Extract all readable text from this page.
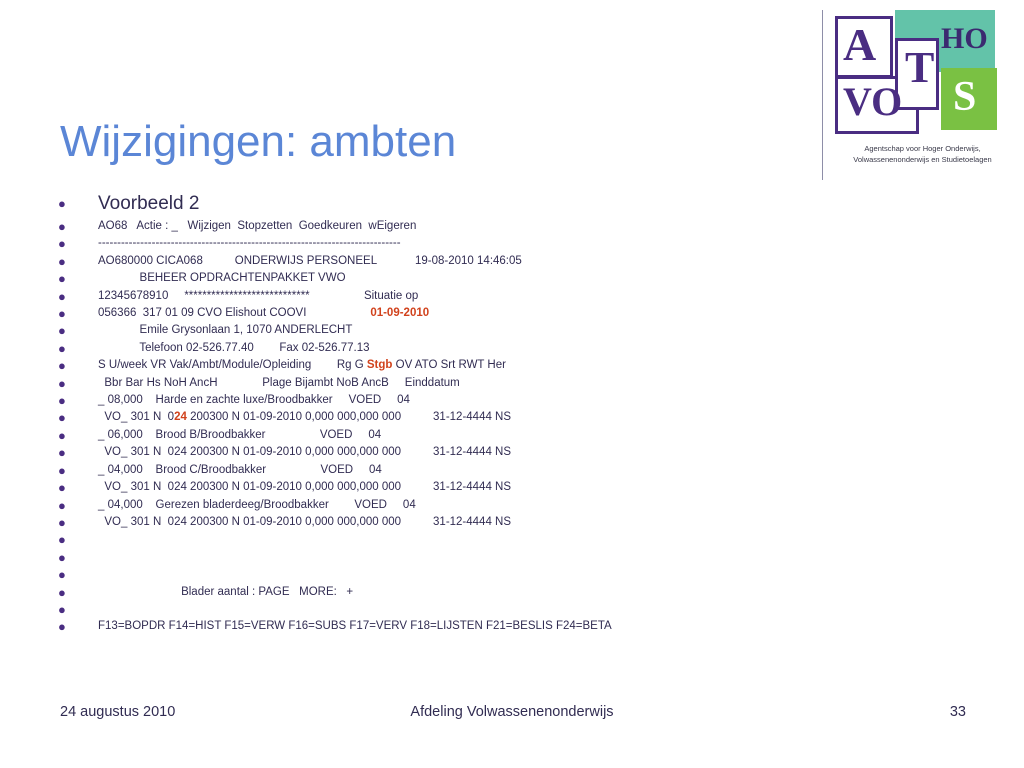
A HO
T
VO S
Agentschap voor Hoger Onderwijs, Volwassenenonderwijs en Studietoelagen
Wijzigingen: ambten
●	Voorbeeld 2
●	AO68   Actie : _   Wijzigen  Stopzetten  Goedkeuren  wEigeren
●	-------------------------------------------------------------------------------
●	AO680000 CICA068          ONDERWIJS PERSONEEL            19-08-2010 14:46:05
●	BEHEER OPDRACHTENPAKKET VWO
●	12345678910     ****************************                 Situatie op
●	056366  317 01 09 CVO Elishout COOVI                    01-09-2010
●	Emile Grysonlaan 1, 1070 ANDERLECHT
●	Telefoon 02-526.77.40        Fax 02-526.77.13
●	S U/week VR Vak/Ambt/Module/Opleiding        Rg G Stgb OV ATO Srt RWT Her
●	Bbr Bar Hs NoH AncH              Plage Bijambt NoB AncB     Einddatum
●	_ 08,000    Harde en zachte luxe/Broodbakker     VOED     04
●	VO_ 301 N  024 200300 N 01-09-2010 0,000 000,000 000          31-12-4444 NS
●	_ 06,000    Brood B/Broodbakker                 VOED     04
●	VO_ 301 N  024 200300 N 01-09-2010 0,000 000,000 000          31-12-4444 NS
●	_ 04,000    Brood C/Broodbakker                 VOED     04
●	VO_ 301 N  024 200300 N 01-09-2010 0,000 000,000 000          31-12-4444 NS
●	_ 04,000    Gerezen bladerdeeg/Broodbakker        VOED     04
●	VO_ 301 N  024 200300 N 01-09-2010 0,000 000,000 000          31-12-4444 NS
●
●
●
●	Blader aantal : PAGE   MORE:   +
●
●	F13=BOPDR F14=HIST F15=VERW F16=SUBS F17=VERV F18=LIJSTEN F21=BESLIS F24=BETA
24 augustus 2010	Afdeling Volwassenenonderwijs	33
